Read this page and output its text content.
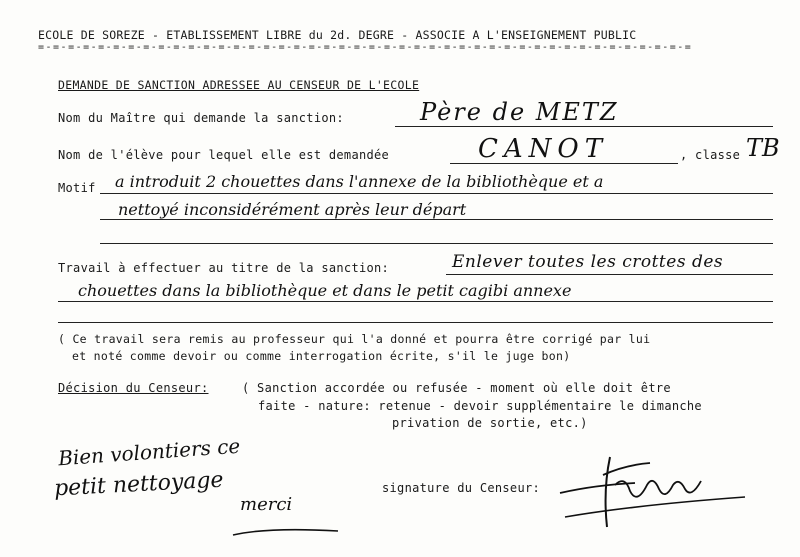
ECOLE DE SOREZE - ETABLISSEMENT LIBRE du 2d. DEGRE - ASSOCIE A L'ENSEIGNEMENT PUBLIC
=-=-=-=-=-=-=-=-=-=-=-=-=-=-=-=-=-=-=-=-=-=-=-=-=-=-=-=-=-=-=-=-=-=-=-=-=-=-=-=-=-=-=-=
DEMANDE DE SANCTION ADRESSEE AU CENSEUR DE L'ECOLE
Nom du Maître qui demande la sanction:	Père de METZ
Nom de l'élève pour lequel elle est demandée	CANOT	, classe TB
Motif a introduit 2 chouettes dans l'annexe de la bibliothèque et a
nettoyé inconsidérément après leur départ
Travail à effectuer au titre de la sanction:	Enlever toutes les crottes des
chouettes dans la bibliothèque et dans le petit cagibi annexe
( Ce travail sera remis au professeur qui l'a donné et pourra être corrigé par lui
et noté comme devoir ou comme interrogation écrite, s'il le juge bon)
Décision du Censeur:	( Sanction accordée ou refusée - moment où elle doit être
faite - nature: retenue - devoir supplémentaire le dimanche
privation de sortie, etc.)
Bien volontiers ce
petit nettoyage
merci
signature du Censeur:
